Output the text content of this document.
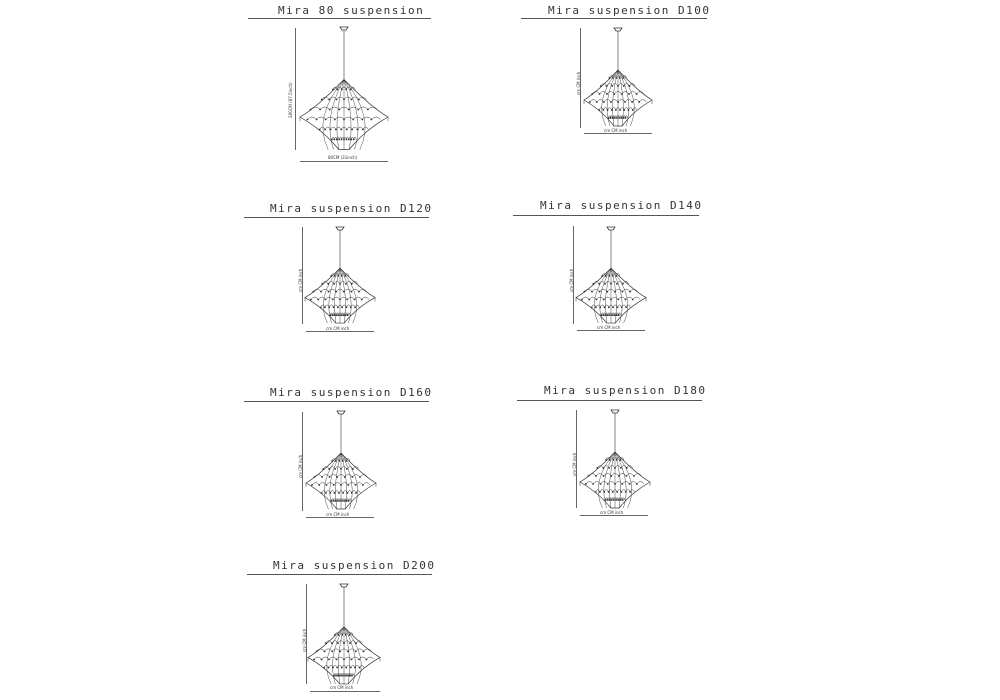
Mira 80 suspension
280CM (87.5inch)
80CM (31inch)
Mira suspension D100
cm CM inch
cm CM inch
Mira suspension D120
cm CM inch
cm CM inch
Mira suspension D140
cm CM inch
cm CM inch
Mira suspension D160
cm CM inch
cm CM inch
Mira suspension D180
cm CM inch
cm CM inch
Mira suspension D200
cm CM inch
cm CM inch
